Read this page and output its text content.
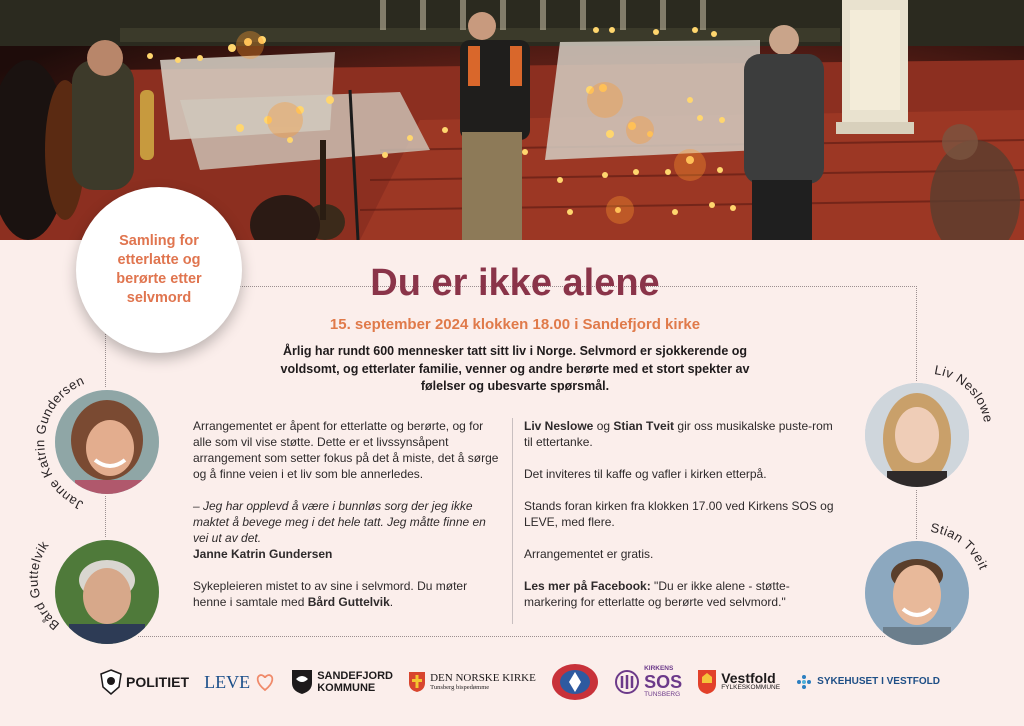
Samling for etterlatte og berørte etter selvmord	Du er ikke alene
15. september 2024 klokken 18.00 i Sandefjord kirke
Årlig har rundt 600 mennesker tatt sitt liv i Norge. Selvmord er sjokkerende og voldsomt, og etterlater familie, venner og andre berørte med et stort spekter av følelser og ubesvarte spørsmål.

Arrangementet er åpent for etterlatte og berørte, og for alle som vil vise støtte. Dette er et livssynsåpent arrangement som setter fokus på det å miste, det å sørge og å finne veien i et liv som ble annerledes.

– Jeg har opplevd å være i bunnløs sorg der jeg ikke maktet å bevege meg i det hele tatt. Jeg måtte finne en vei ut av det.

Janne Katrin Gundersen

Sykepleieren mistet to av sine i selvmord. Du møter henne i samtale med Bård Guttelvik.

Liv Neslowe og Stian Tveit gir oss musikalske puste-rom til ettertanke.

Det inviteres til kaffe og vafler i kirken etterpå.

Stands foran kirken fra klokken 17.00 ved Kirkens SOS og LEVE, med flere.

Arrangementet er gratis.

Les mer på Facebook: "Du er ikke alene - støtte-markering for etterlatte og berørte ved selvmord."

Janne Katrin Gundersen
Bård Guttelvik
Liv Neslowe
Stian Tveit
POLITIET LEVE	SANDEFJORD
KOMMUNE
DEN NORSKE KIRKE
Tunsberg bispedømme
KIRKENS
SOS
TUNSBERG
Vestfold
FYLKESKOMMUNE
SYKEHUSET I VESTFOLD
